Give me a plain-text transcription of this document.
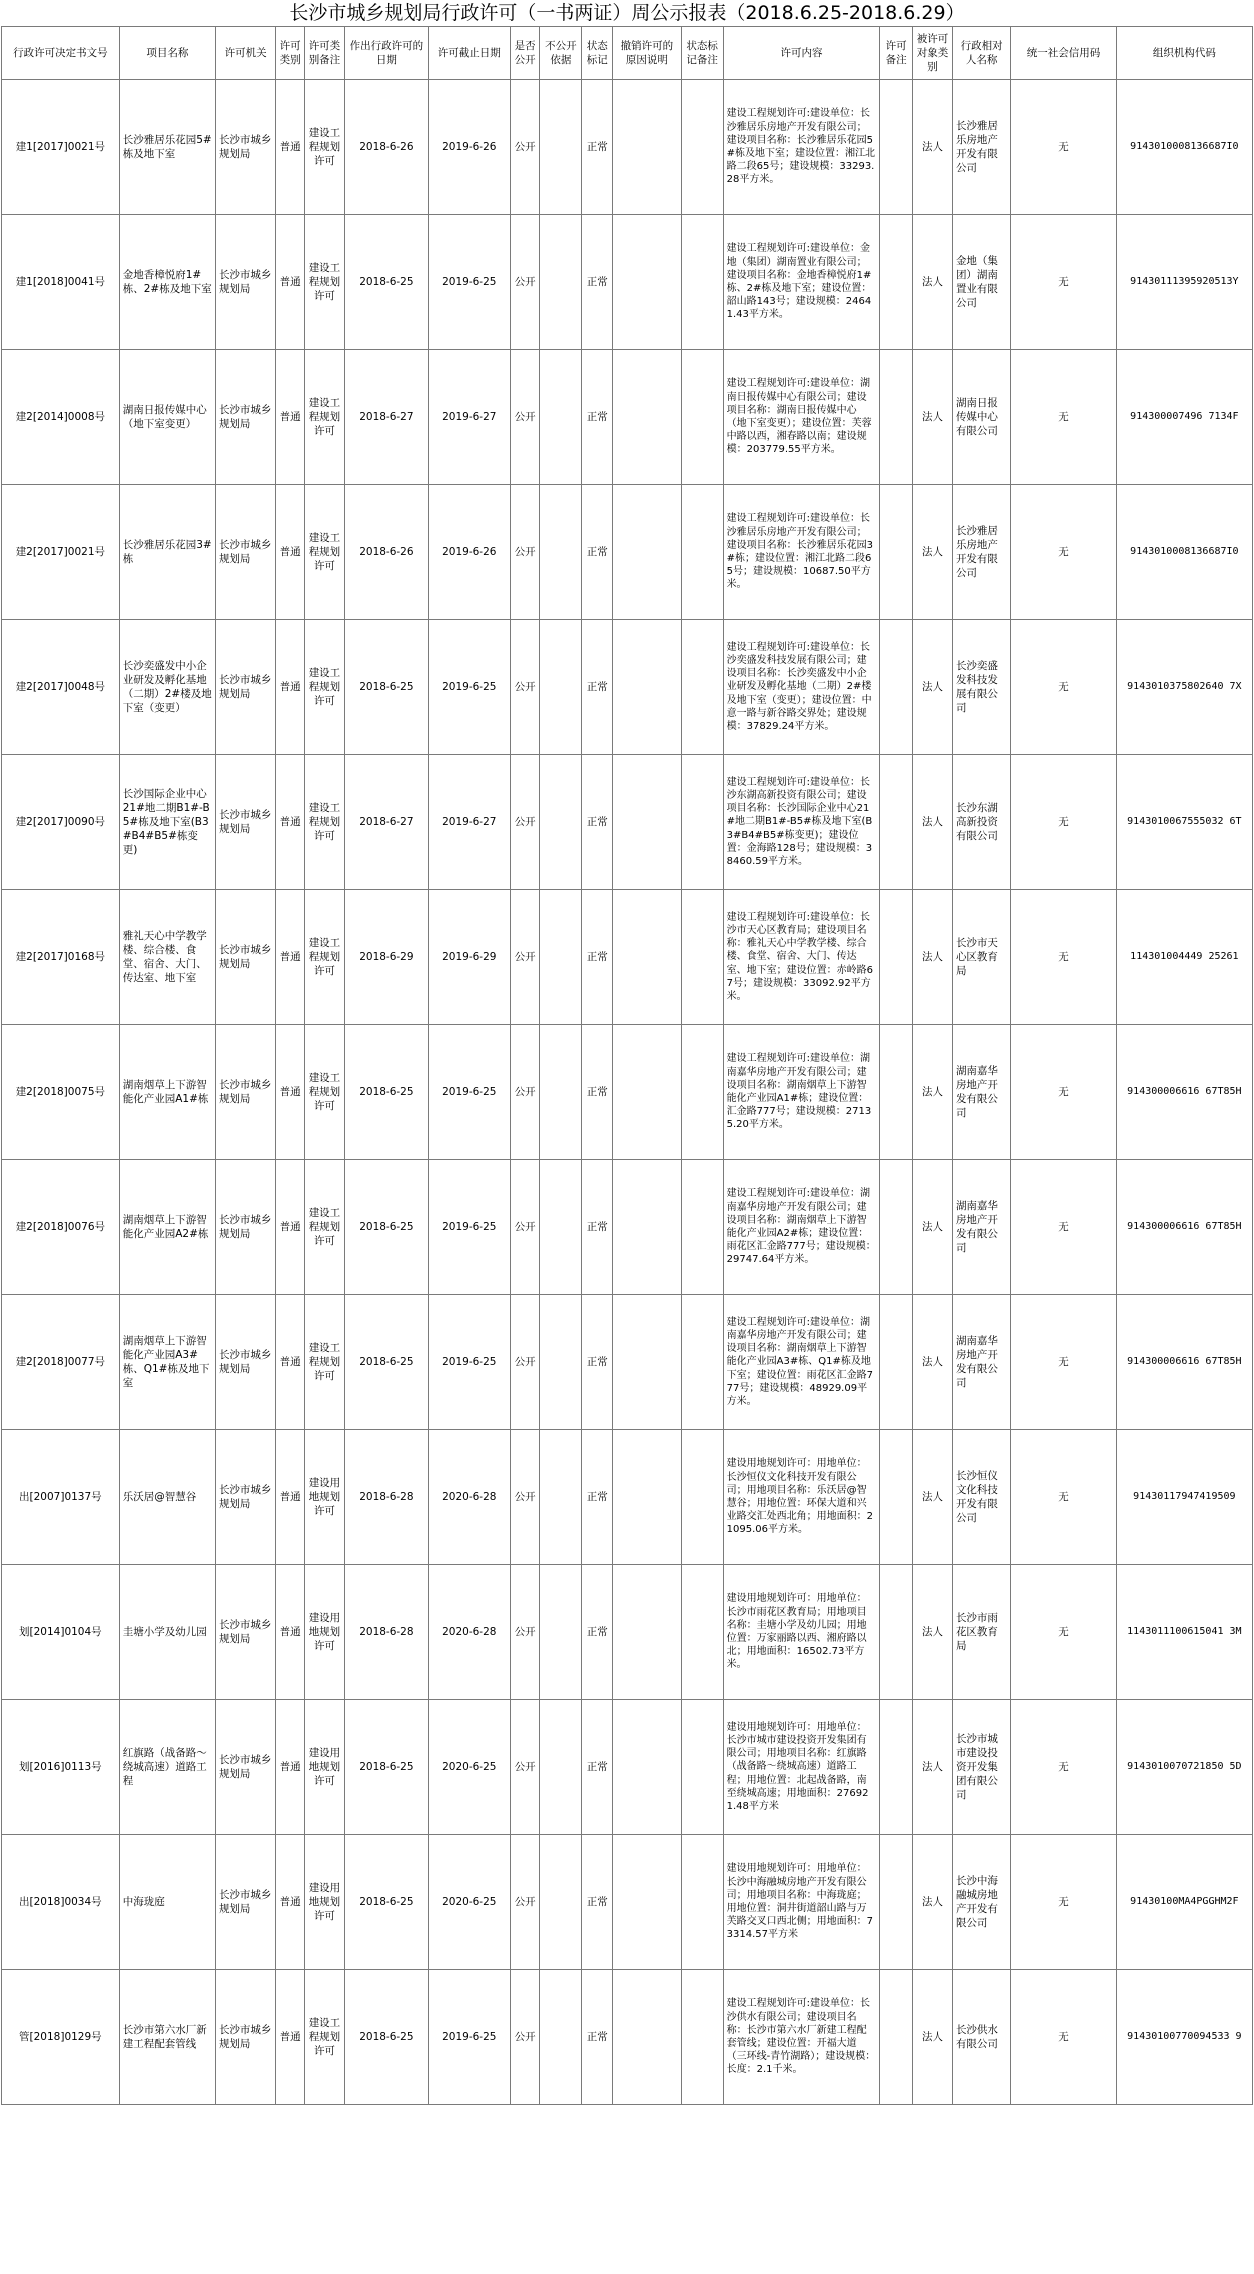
长沙市城乡规划局行政许可（一书两证）周公示报表（2018.6.25-2018.6.29）
行政许可决定书文号	项目名称	许可机关	许可类别	许可类别备注	作出行政许可的日期	许可截止日期	是否公开	不公开依据	状态标记	撤销许可的原因说明	状态标记备注	许可内容	许可备注	被许可对象类别	行政相对人名称	统一社会信用码	组织机构代码
建1[2017]0021号	长沙雅居乐花园5#栋及地下室	长沙市城乡规划局	普通	建设工程规划许可	2018-6-26	2019-6-26	公开		正常			建设工程规划许可:建设单位：长沙雅居乐房地产开发有限公司；建设项目名称：长沙雅居乐花园5#栋及地下室；建设位置：湘江北路二段65号；建设规模：33293.28平方米。		法人	长沙雅居乐房地产开发有限公司	无	9143010008136687I0
建1[2018]0041号	金地香樟悦府1#栋、2#栋及地下室	长沙市城乡规划局	普通	建设工程规划许可	2018-6-25	2019-6-25	公开		正常			建设工程规划许可:建设单位：金地（集团）湖南置业有限公司；建设项目名称：金地香樟悦府1#栋、2#栋及地下室；建设位置：韶山路143号；建设规模：24641.43平方米。		法人	金地（集团）湖南置业有限公司	无	91430111395920513Y
建2[2014]0008号	湖南日报传媒中心（地下室变更）	长沙市城乡规划局	普通	建设工程规划许可	2018-6-27	2019-6-27	公开		正常			建设工程规划许可:建设单位：湖南日报传媒中心有限公司；建设项目名称：湖南日报传媒中心（地下室变更）；建设位置：芙蓉中路以西，湘春路以南；建设规模：203779.55平方米。		法人	湖南日报传媒中心有限公司	无	914300007496 7134F
建2[2017]0021号	长沙雅居乐花园3#栋	长沙市城乡规划局	普通	建设工程规划许可	2018-6-26	2019-6-26	公开		正常			建设工程规划许可:建设单位：长沙雅居乐房地产开发有限公司；建设项目名称：长沙雅居乐花园3#栋；建设位置：湘江北路二段65号；建设规模：10687.50平方米。		法人	长沙雅居乐房地产开发有限公司	无	9143010008136687I0
建2[2017]0048号	长沙奕盛发中小企业研发及孵化基地（二期）2#楼及地下室（变更）	长沙市城乡规划局	普通	建设工程规划许可	2018-6-25	2019-6-25	公开		正常			建设工程规划许可:建设单位：长沙奕盛发科技发展有限公司；建设项目名称：长沙奕盛发中小企业研发及孵化基地（二期）2#楼及地下室（变更）；建设位置：中意一路与新谷路交界处；建设规模：37829.24平方米。		法人	长沙奕盛发科技发展有限公司	无	9143010375802640 7X
建2[2017]0090号	长沙国际企业中心21#地二期B1#-B5#栋及地下室(B3#B4#B5#栋变更)	长沙市城乡规划局	普通	建设工程规划许可	2018-6-27	2019-6-27	公开		正常			建设工程规划许可:建设单位：长沙东湖高新投资有限公司；建设项目名称：长沙国际企业中心21#地二期B1#-B5#栋及地下室(B3#B4#B5#栋变更)；建设位置：金海路128号；建设规模：38460.59平方米。		法人	长沙东湖高新投资有限公司	无	9143010067555032 6T
建2[2017]0168号	雅礼天心中学教学楼、综合楼、食堂、宿舍、大门、传达室、地下室	长沙市城乡规划局	普通	建设工程规划许可	2018-6-29	2019-6-29	公开		正常			建设工程规划许可:建设单位：长沙市天心区教育局；建设项目名称：雅礼天心中学教学楼、综合楼、食堂、宿舍、大门、传达室、地下室；建设位置：赤岭路67号；建设规模：33092.92平方米。		法人	长沙市天心区教育局	无	114301004449 25261
建2[2018]0075号	湖南烟草上下游智能化产业园A1#栋	长沙市城乡规划局	普通	建设工程规划许可	2018-6-25	2019-6-25	公开		正常			建设工程规划许可:建设单位：湖南嘉华房地产开发有限公司；建设项目名称：湖南烟草上下游智能化产业园A1#栋；建设位置：汇金路777号；建设规模：27135.20平方米。		法人	湖南嘉华房地产开发有限公司	无	914300006616 67T85H
建2[2018]0076号	湖南烟草上下游智能化产业园A2#栋	长沙市城乡规划局	普通	建设工程规划许可	2018-6-25	2019-6-25	公开		正常			建设工程规划许可:建设单位：湖南嘉华房地产开发有限公司；建设项目名称：湖南烟草上下游智能化产业园A2#栋；建设位置：雨花区汇金路777号；建设规模：29747.64平方米。		法人	湖南嘉华房地产开发有限公司	无	914300006616 67T85H
建2[2018]0077号	湖南烟草上下游智能化产业园A3#栋、Q1#栋及地下室	长沙市城乡规划局	普通	建设工程规划许可	2018-6-25	2019-6-25	公开		正常			建设工程规划许可:建设单位：湖南嘉华房地产开发有限公司；建设项目名称：湖南烟草上下游智能化产业园A3#栋、Q1#栋及地下室；建设位置：雨花区汇金路777号；建设规模：48929.09平方米。		法人	湖南嘉华房地产开发有限公司	无	914300006616 67T85H
出[2007]0137号	乐沃居@智慧谷	长沙市城乡规划局	普通	建设用地规划许可	2018-6-28	2020-6-28	公开		正常			建设用地规划许可：用地单位：长沙恒仪文化科技开发有限公司；用地项目名称：乐沃居@智慧谷；用地位置：环保大道和兴业路交汇处西北角；用地面积：21095.06平方米。		法人	长沙恒仪文化科技开发有限公司	无	91430117947419509
划[2014]0104号	圭塘小学及幼儿园	长沙市城乡规划局	普通	建设用地规划许可	2018-6-28	2020-6-28	公开		正常			建设用地规划许可：用地单位：长沙市雨花区教育局；用地项目名称：圭塘小学及幼儿园；用地位置：万家丽路以西、湘府路以北；用地面积：16502.73平方米。		法人	长沙市雨花区教育局	无	1143011100615041 3M
划[2016]0113号	红旗路（战备路～绕城高速）道路工程	长沙市城乡规划局	普通	建设用地规划许可	2018-6-25	2020-6-25	公开		正常			建设用地规划许可：用地单位：长沙市城市建设投资开发集团有限公司；用地项目名称：红旗路（战备路～绕城高速）道路工程；用地位置：北起战备路，南至绕城高速；用地面积：276921.48平方米		法人	长沙市城市建设投资开发集团有限公司	无	9143010070721850 5D
出[2018]0034号	中海珑庭	长沙市城乡规划局	普通	建设用地规划许可	2018-6-25	2020-6-25	公开		正常			建设用地规划许可：用地单位：长沙中海融城房地产开发有限公司；用地项目名称：中海珑庭；用地位置：洞井街道韶山路与万芙路交叉口西北侧；用地面积：73314.57平方米		法人	长沙中海融城房地产开发有限公司	无	91430100MA4PGGHM2F
管[2018]0129号	长沙市第六水厂新建工程配套管线	长沙市城乡规划局	普通	建设工程规划许可	2018-6-25	2019-6-25	公开		正常			建设工程规划许可:建设单位：长沙供水有限公司；建设项目名称：长沙市第六水厂新建工程配套管线；建设位置：开福大道（三环线-青竹湖路）；建设规模：长度：2.1千米。		法人	长沙供水有限公司	无	91430100770094533 9
